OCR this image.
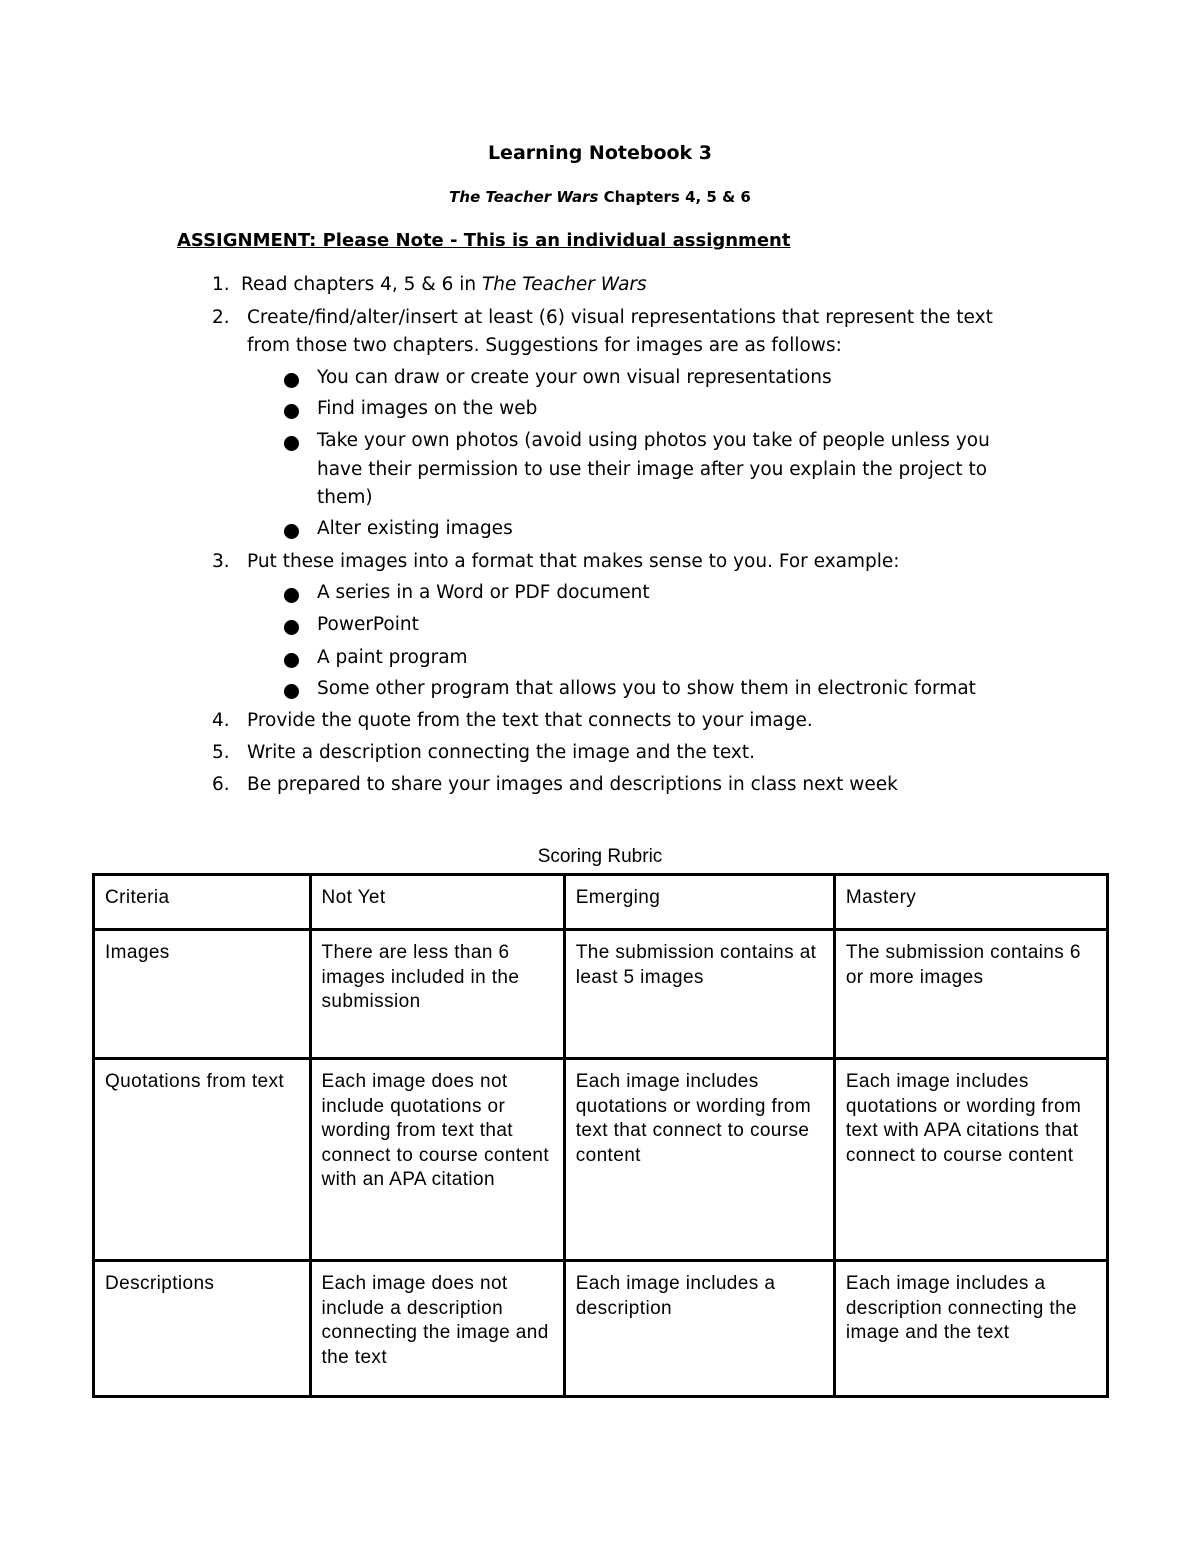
Learning Notebook 3
The Teacher Wars Chapters 4, 5 & 6
ASSIGNMENT: Please Note - This is an individual assignment
1. Read chapters 4, 5 & 6 in The Teacher Wars
2. Create/find/alter/insert at least (6) visual representations that represent the text
from those two chapters. Suggestions for images are as follows:
You can draw or create your own visual representations
Find images on the web
Take your own photos (avoid using photos you take of people unless you
have their permission to use their image after you explain the project to
them)
Alter existing images
3. Put these images into a format that makes sense to you. For example:
A series in a Word or PDF document
PowerPoint
A paint program
Some other program that allows you to show them in electronic format
4. Provide the quote from the text that connects to your image.
5. Write a description connecting the image and the text.
6. Be prepared to share your images and descriptions in class next week
Scoring Rubric
Criteria	Not Yet	Emerging	Mastery
Images	There are less than 6 images included in the submission	The submission contains at least 5 images	The submission contains 6 or more images
Quotations from text	Each image does not include quotations or wording from text that connect to course content with an APA citation	Each image includes quotations or wording from text that connect to course content	Each image includes quotations or wording from text with APA citations that connect to course content
Descriptions	Each image does not include a description connecting the image and the text	Each image includes a description	Each image includes a description connecting the image and the text
